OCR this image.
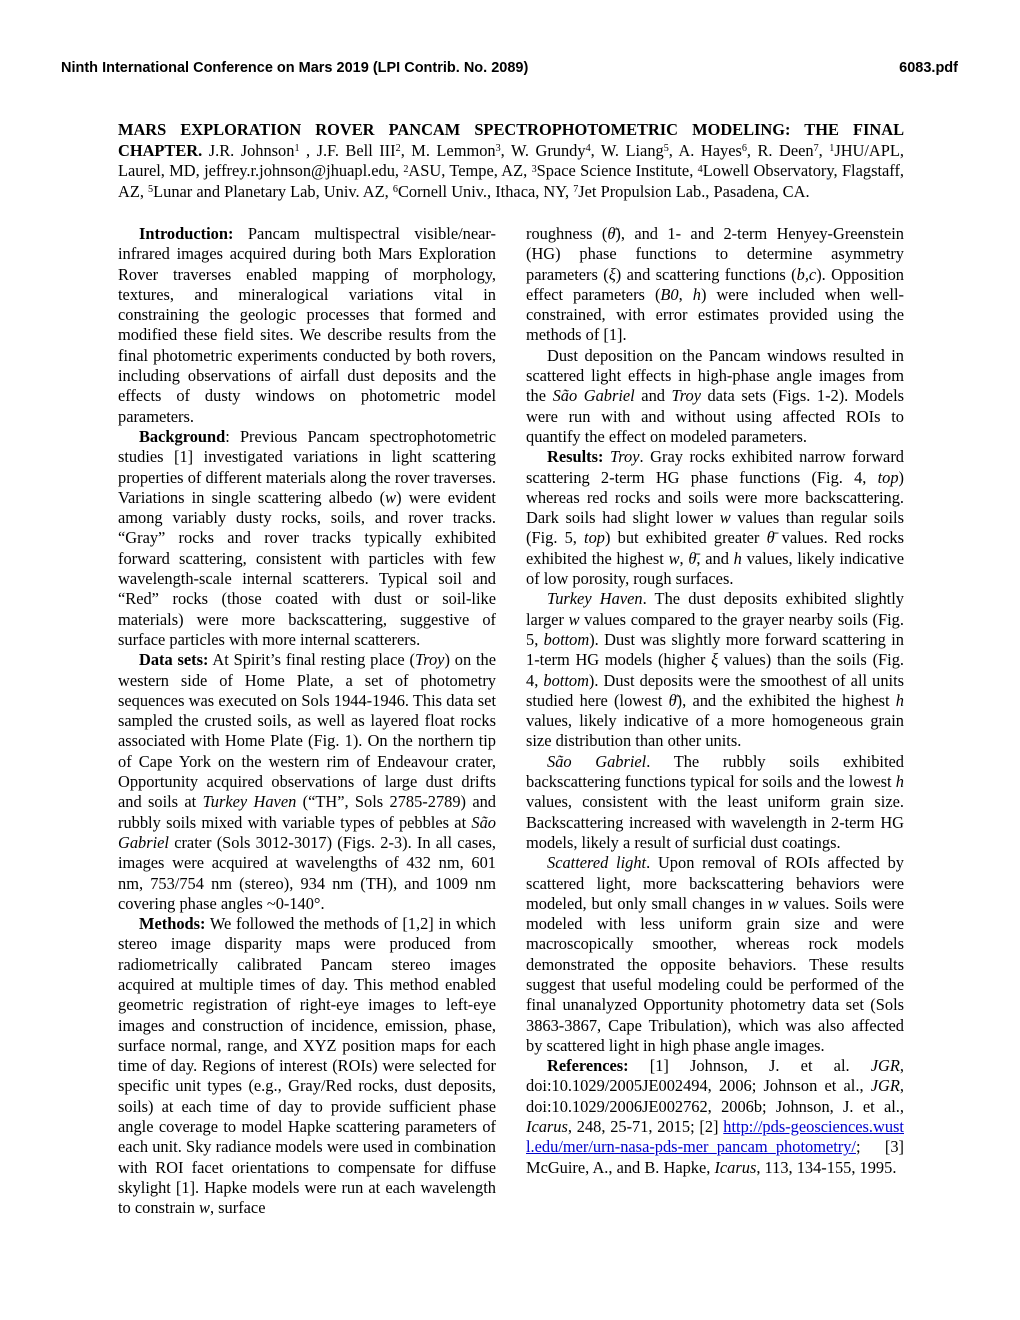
Ninth International Conference on Mars 2019 (LPI Contrib. No. 2089)	6083.pdf
MARS EXPLORATION ROVER PANCAM SPECTROPHOTOMETRIC MODELING: THE FINAL CHAPTER. J.R. Johnson$^1$ , J.F. Bell III$^2$, M. Lemmon$^3$, W. Grundy$^4$, W. Liang$^5$, A. Hayes$^6$, R. Deen$^7$, $^1$JHU/APL, Laurel, MD, jeffrey.r.johnson@jhuapl.edu, $^2$ASU, Tempe, AZ, $^3$Space Science Institute, $^4$Lowell Observatory, Flagstaff, AZ, $^5$Lunar and Planetary Lab, Univ. AZ, $^6$Cornell Univ., Ithaca, NY, $^7$Jet Propulsion Lab., Pasadena, CA.

Introduction: Pancam multispectral visible/near-infrared images acquired during both Mars Exploration Rover traverses enabled mapping of morphology, textures, and mineralogical variations vital in constraining the geologic processes that formed and modified these field sites. We describe results from the final photometric experiments conducted by both rovers, including observations of airfall dust deposits and the effects of dusty windows on photometric model parameters.

Background: Previous Pancam spectrophotometric studies [1] investigated variations in light scattering properties of different materials along the rover traverses. Variations in single scattering albedo (w) were evident among variably dusty rocks, soils, and rover tracks. “Gray” rocks and rover tracks typically exhibited forward scattering, consistent with particles with few wavelength-scale internal scatterers. Typical soil and “Red” rocks (those coated with dust or soil-like materials) were more backscattering, suggestive of surface particles with more internal scatterers.

Data sets: At Spirit’s final resting place (Troy) on the western side of Home Plate, a set of photometry sequences was executed on Sols 1944-1946. This data set sampled the crusted soils, as well as layered float rocks associated with Home Plate (Fig. 1). On the northern tip of Cape York on the western rim of Endeavour crater, Opportunity acquired observations of large dust drifts and soils at Turkey Haven (“TH”, Sols 2785-2789) and rubbly soils mixed with variable types of pebbles at São Gabriel crater (Sols 3012-3017) (Figs. 2-3). In all cases, images were acquired at wavelengths of 432 nm, 601 nm, 753/754 nm (stereo), 934 nm (TH), and 1009 nm covering phase angles ~0-140°.

Methods: We followed the methods of [1,2] in which stereo image disparity maps were produced from radiometrically calibrated Pancam stereo images acquired at multiple times of day. This method enabled geometric registration of right-eye images to left-eye images and construction of incidence, emission, phase, surface normal, range, and XYZ position maps for each time of day. Regions of interest (ROIs) were selected for specific unit types (e.g., Gray/Red rocks, dust deposits, soils) at each time of day to provide sufficient phase angle coverage to model Hapke scattering parameters of each unit. Sky radiance models were used in combination with ROI facet orientations to compensate for diffuse skylight [1]. Hapke models were run at each wavelength to constrain w, surface

roughness (θ̄), and 1- and 2-term Henyey-Greenstein (HG) phase functions to determine asymmetry parameters (ξ) and scattering functions (b,c). Opposition effect parameters (B0, h) were included when well-constrained, with error estimates provided using the methods of [1].

Dust deposition on the Pancam windows resulted in scattered light effects in high-phase angle images from the São Gabriel and Troy data sets (Figs. 1-2). Models were run with and without using affected ROIs to quantify the effect on modeled parameters.

Results: Troy. Gray rocks exhibited narrow forward scattering 2-term HG phase functions (Fig. 4, top) whereas red rocks and soils were more backscattering. Dark soils had slight lower w values than regular soils (Fig. 5, top) but exhibited greater θ̄ values. Red rocks exhibited the highest w, θ̄, and h values, likely indicative of low porosity, rough surfaces.

Turkey Haven. The dust deposits exhibited slightly larger w values compared to the grayer nearby soils (Fig. 5, bottom). Dust was slightly more forward scattering in 1-term HG models (higher ξ values) than the soils (Fig. 4, bottom). Dust deposits were the smoothest of all units studied here (lowest θ̄), and the exhibited the highest h values, likely indicative of a more homogeneous grain size distribution than other units.

São Gabriel. The rubbly soils exhibited backscattering functions typical for soils and the lowest h values, consistent with the least uniform grain size. Backscattering increased with wavelength in 2-term HG models, likely a result of surficial dust coatings.

Scattered light. Upon removal of ROIs affected by scattered light, more backscattering behaviors were modeled, but only small changes in w values. Soils were modeled with less uniform grain size and were macroscopically smoother, whereas rock models demonstrated the opposite behaviors. These results suggest that useful modeling could be performed of the final unanalyzed Opportunity photometry data set (Sols 3863-3867, Cape Tribulation), which was also affected by scattered light in high phase angle images.

References: [1] Johnson, J. et al. JGR, doi:10.1029/2005JE002494, 2006; Johnson et al., JGR, doi:10.1029/2006JE002762, 2006b; Johnson, J. et al., Icarus, 248, 25-71, 2015; [2] http://pds-geosciences.wustl.edu/mer/urn-nasa-pds-mer_pancam_photometry/; [3] McGuire, A., and B. Hapke, Icarus, 113, 134-155, 1995.
